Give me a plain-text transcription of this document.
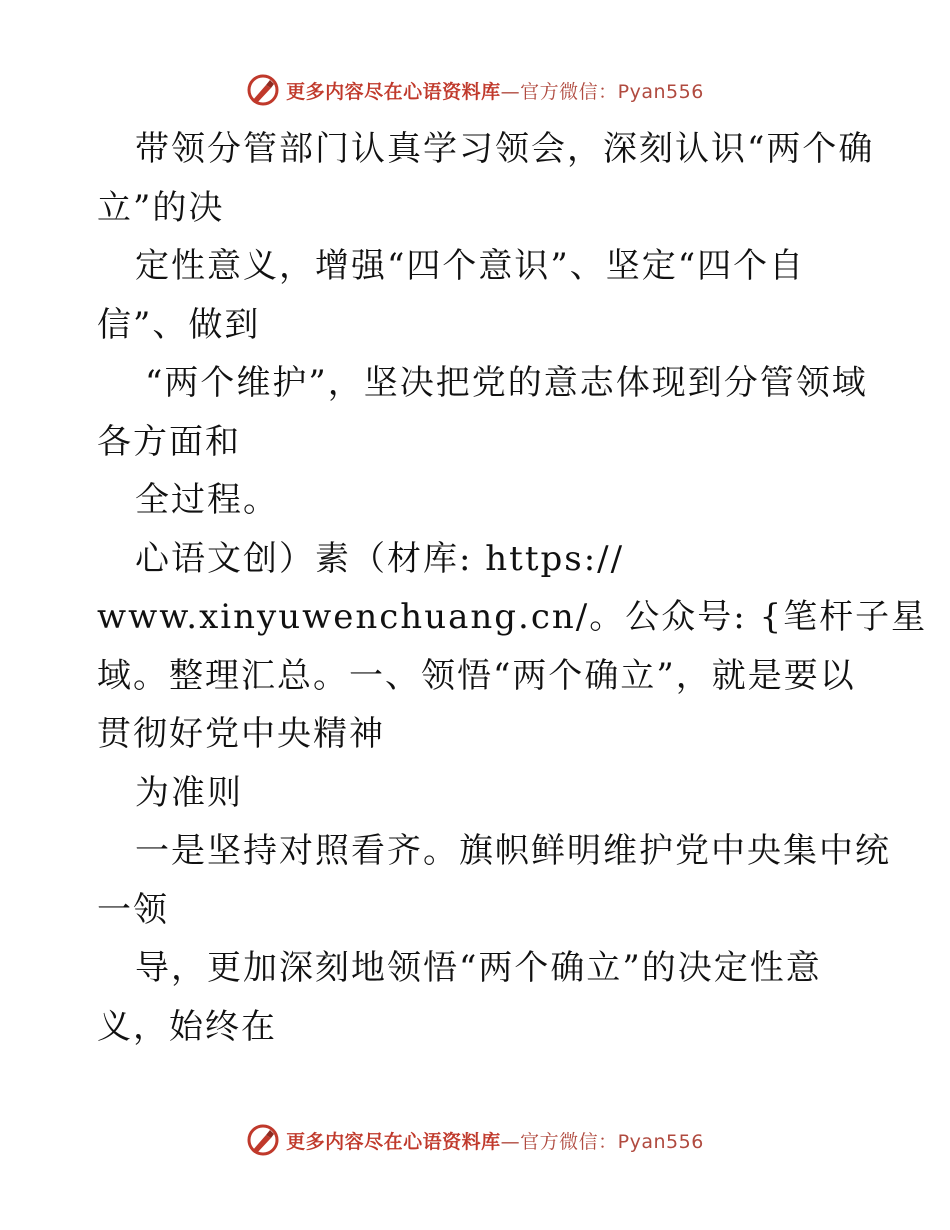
更多内容尽在心语资料库—官方微信：Pyan556
带领分管部门认真学习领会，深刻认识“两个确
立”的决
定性意义，增强“四个意识”、坚定“四个自
信”、做到
“两个维护”，坚决把党的意志体现到分管领域
各方面和
全过程。
心语文创）素（材库: https://
www.xinyuwenchuang.cn/。公众号: {笔杆子星
域。整理汇总。一、领悟“两个确立”，就是要以
贯彻好党中央精神
为准则
一是坚持对照看齐。旗帜鲜明维护党中央集中统
一领
导，更加深刻地领悟“两个确立”的决定性意
义，始终在
更多内容尽在心语资料库—官方微信：Pyan556
